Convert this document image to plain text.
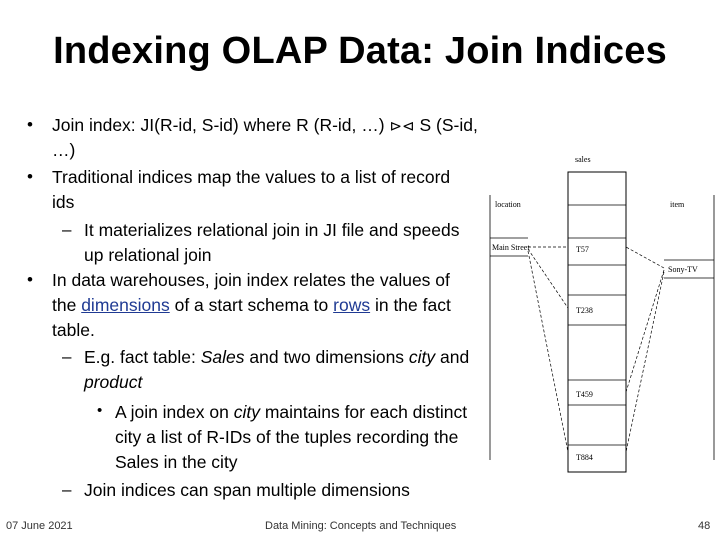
Indexing OLAP Data: Join Indices
• Join index: JI(R-id, S-id) where R (R-id, …) ⊳⊲ S (S-id,
…)
• Traditional indices map the values to a list of record
ids
– It materializes relational join in JI file and speeds
up relational join
• In data warehouses, join index relates the values of
the dimensions of a start schema to rows in the fact
table.
– E.g. fact table: Sales and two dimensions city and
product
• A join index on city maintains for each distinct
city a list of R-IDs of the tuples recording the
Sales in the city
– Join indices can span multiple dimensions
sales
T57
T238
T459
T884
location
Main Street
item
Sony-TV
07 June 2021	Data Mining: Concepts and Techniques	48
